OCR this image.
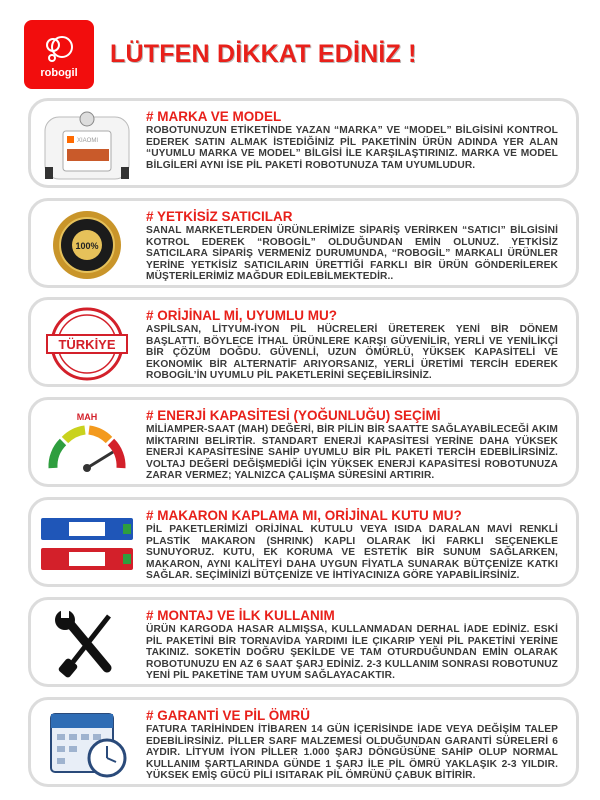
robogil
LÜTFEN DİKKAT EDİNİZ !
XIAOMI
# MARKA VE MODEL

ROBOTUNUZUN ETİKETİNDE YAZAN “MARKA” VE “MODEL” BİLGİSİNİ KONTROL EDEREK SATIN ALMAK İSTEDİĞİNİZ PİL PAKETİNİN ÜRÜN ADINDA YER ALAN “UYUMLU MARKA VE MODEL” BİLGİSİ İLE KARŞILAŞTIRINIZ. MARKA VE MODEL BİLGİLERİ AYNI İSE PİL PAKETİ ROBOTUNUZA TAM UYUMLUDUR.

100%
# YETKİSİZ SATICILAR

SANAL MARKETLERDEN ÜRÜNLERİMİZE SİPARİŞ VERİRKEN “SATICI” BİLGİSİNİ KOTROL EDEREK “ROBOGİL” OLDUĞUNDAN EMİN OLUNUZ. YETKİSİZ SATICILARA SİPARİŞ VERMENİZ DURUMUNDA, “ROBOGİL” MARKALI ÜRÜNLER YERİNE YETKİSİZ SATICILARIN ÜRETTİĞİ FARKLI BİR ÜRÜN GÖNDERİLEREK MÜŞTERİLERİMİZ MAĞDUR EDİLEBİLMEKTEDİR..

TÜRKİYE
# ORİJİNAL Mİ, UYUMLU MU?

ASPİLSAN, LİTYUM-İYON PİL HÜCRELERİ ÜRETEREK YENİ BİR DÖNEM BAŞLATTI. BÖYLECE İTHAL ÜRÜNLERE KARŞI GÜVENİLİR, YERLİ VE YENİLİKÇİ BİR ÇÖZÜM DOĞDU. GÜVENLİ, UZUN ÖMÜRLÜ, YÜKSEK KAPASİTELİ VE EKONOMİK BİR ALTERNATİF ARIYORSANIZ, YERLİ ÜRETİMİ TERCİH EDEREK ROBOGİL’İN UYUMLU PİL PAKETLERİNİ SEÇEBİLİRSİNİZ.

MAH	# ENERJİ KAPASİTESİ (YOĞUNLUĞU) SEÇİMİ

MİLİAMPER-SAAT (MAH) DEĞERİ, BİR PİLİN BİR SAATTE SAĞLAYABİLECEĞİ AKIM MİKTARINI BELİRTİR. STANDART ENERJİ KAPASİTESİ YERİNE DAHA YÜKSEK ENERJİ KAPASİTESİNE SAHİP UYUMLU BİR PİL PAKETİ TERCİH EDEBİLİRSİNİZ. VOLTAJ DEĞERİ DEĞİŞMEDİĞİ İÇİN YÜKSEK ENERJİ KAPASİTESİ ROBOTUNUZA ZARAR VERMEZ; YALNIZCA ÇALIŞMA SÜRESİNİ ARTIRIR.

# MAKARON KAPLAMA MI, ORİJİNAL KUTU MU?

PİL PAKETLERİMİZİ ORİJİNAL KUTULU VEYA ISIDA DARALAN MAVİ RENKLİ PLASTİK MAKARON (SHRINK) KAPLI OLARAK İKİ FARKLI SEÇENEKLE SUNUYORUZ. KUTU, EK KORUMA VE ESTETİK BİR SUNUM SAĞLARKEN, MAKARON, AYNI KALİTEYİ DAHA UYGUN FİYATLA SUNARAK BÜTÇENİZE KATKI SAĞLAR. SEÇİMİNİZİ BÜTÇENİZE VE İHTİYACINIZA GÖRE YAPABİLİRSİNİZ.

# MONTAJ VE İLK KULLANIM

ÜRÜN KARGODA HASAR ALMIŞSA, KULLANMADAN DERHAL İADE EDİNİZ. ESKİ PİL PAKETİNİ BİR TORNAVİDA YARDIMI İLE ÇIKARIP YENİ PİL PAKETİNİ YERİNE TAKINIZ. SOKETİN DOĞRU ŞEKİLDE VE TAM OTURDUĞUNDAN EMİN OLARAK ROBOTUNUZU EN AZ 6 SAAT ŞARJ EDİNİZ. 2-3 KULLANIM SONRASI ROBOTUNUZ YENİ PİL PAKETİNE TAM UYUM SAĞLAYACAKTIR.

# GARANTİ VE PİL ÖMRÜ

FATURA TARİHİNDEN İTİBAREN 14 GÜN İÇERİSİNDE İADE VEYA DEĞİŞİM TALEP EDEBİLİRSİNİZ. PİLLER SARF MALZEMESİ OLDUĞUNDAN GARANTİ SÜRELERİ 6 AYDIR. LİTYUM İYON PİLLER 1.000 ŞARJ DÖNGÜSÜNE SAHİP OLUP NORMAL KULLANIM ŞARTLARINDA GÜNDE 1 ŞARJ İLE PİL ÖMRÜ YAKLAŞIK 2-3 YILDIR. YÜKSEK EMİŞ GÜCÜ PİLİ ISITARAK PİL ÖMRÜNÜ ÇABUK BİTİRİR.
